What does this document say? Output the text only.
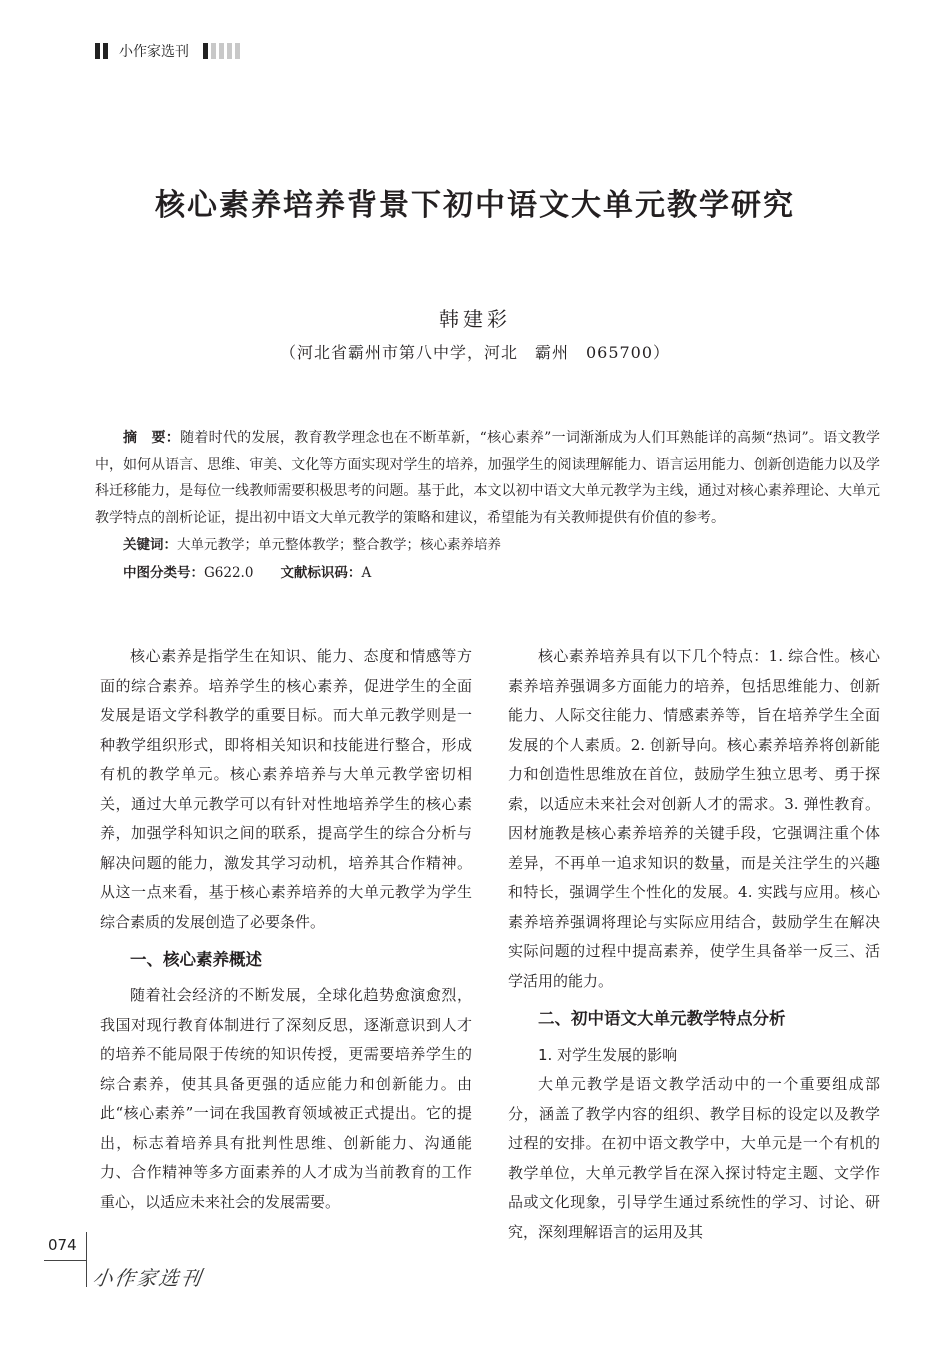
小作家选刊
核心素养培养背景下初中语文大单元教学研究
韩建彩
（河北省霸州市第八中学，河北　霸州　065700）

摘　要：随着时代的发展，教育教学理念也在不断革新，“核心素养”一词渐渐成为人们耳熟能详的高频“热词”。语文教学中，如何从语言、思维、审美、文化等方面实现对学生的培养，加强学生的阅读理解能力、语言运用能力、创新创造能力以及学科迁移能力，是每位一线教师需要积极思考的问题。基于此，本文以初中语文大单元教学为主线，通过对核心素养理论、大单元教学特点的剖析论证，提出初中语文大单元教学的策略和建议，希望能为有关教师提供有价值的参考。

关键词：大单元教学；单元整体教学；整合教学；核心素养培养
中图分类号：G622.0   文献标识码：A

核心素养是指学生在知识、能力、态度和情感等方面的综合素养。培养学生的核心素养，促进学生的全面发展是语文学科教学的重要目标。而大单元教学则是一种教学组织形式，即将相关知识和技能进行整合，形成有机的教学单元。核心素养培养与大单元教学密切相关，通过大单元教学可以有针对性地培养学生的核心素养，加强学科知识之间的联系，提高学生的综合分析与解决问题的能力，激发其学习动机，培养其合作精神。从这一点来看，基于核心素养培养的大单元教学为学生综合素质的发展创造了必要条件。

一、核心素养概述

随着社会经济的不断发展，全球化趋势愈演愈烈，我国对现行教育体制进行了深刻反思，逐渐意识到人才的培养不能局限于传统的知识传授，更需要培养学生的综合素养，使其具备更强的适应能力和创新能力。由此“核心素养”一词在我国教育领域被正式提出。它的提出，标志着培养具有批判性思维、创新能力、沟通能力、合作精神等多方面素养的人才成为当前教育的工作重心，以适应未来社会的发展需要。

核心素养培养具有以下几个特点：1. 综合性。核心素养培养强调多方面能力的培养，包括思维能力、创新能力、人际交往能力、情感素养等，旨在培养学生全面发展的个人素质。2. 创新导向。核心素养培养将创新能力和创造性思维放在首位，鼓励学生独立思考、勇于探索，以适应未来社会对创新人才的需求。3. 弹性教育。因材施教是核心素养培养的关键手段，它强调注重个体差异，不再单一追求知识的数量，而是关注学生的兴趣和特长，强调学生个性化的发展。4. 实践与应用。核心素养培养强调将理论与实际应用结合，鼓励学生在解决实际问题的过程中提高素养，使学生具备举一反三、活学活用的能力。

二、初中语文大单元教学特点分析
1. 对学生发展的影响

大单元教学是语文教学活动中的一个重要组成部分，涵盖了教学内容的组织、教学目标的设定以及教学过程的安排。在初中语文教学中，大单元是一个有机的教学单位，大单元教学旨在深入探讨特定主题、文学作品或文化现象，引导学生通过系统性的学习、讨论、研究，深刻理解语言的运用及其

074
小作家选刊
